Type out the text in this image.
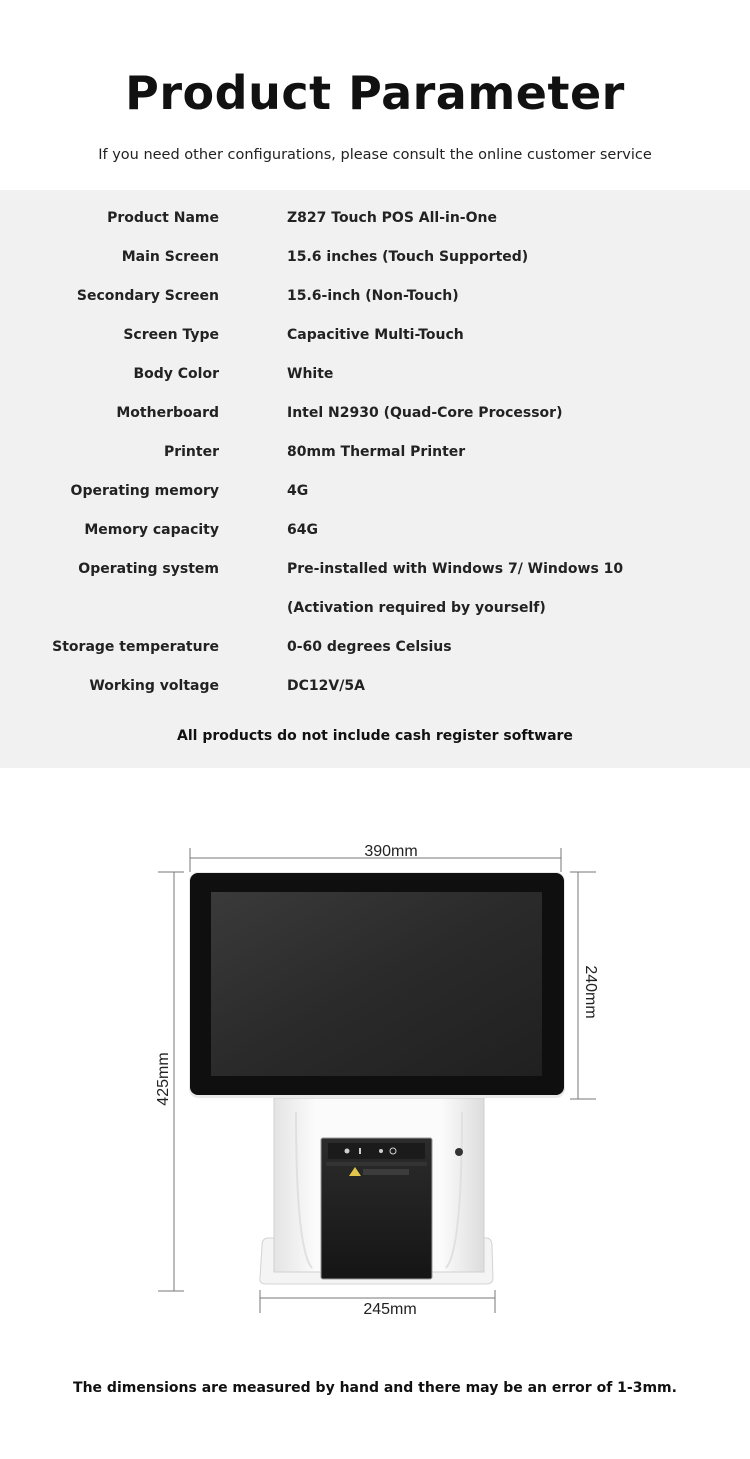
Product Parameter
If you need other configurations, please consult the online customer service
Product Name	Z827 Touch POS All-in-One
Main Screen	15.6 inches (Touch Supported)
Secondary Screen	15.6-inch (Non-Touch)
Screen Type	Capacitive Multi-Touch
Body Color	White
Motherboard	Intel N2930 (Quad-Core Processor)
Printer	80mm Thermal Printer
Operating memory	4G
Memory capacity	64G
Operating system	Pre-installed with Windows 7/ Windows 10
(Activation required by yourself)
Storage temperature	0-60 degrees Celsius
Working voltage	DC12V/5A
All products do not include cash register software
390mm
240mm
425mm
245mm
The dimensions are measured by hand and there may be an error of 1-3mm.
